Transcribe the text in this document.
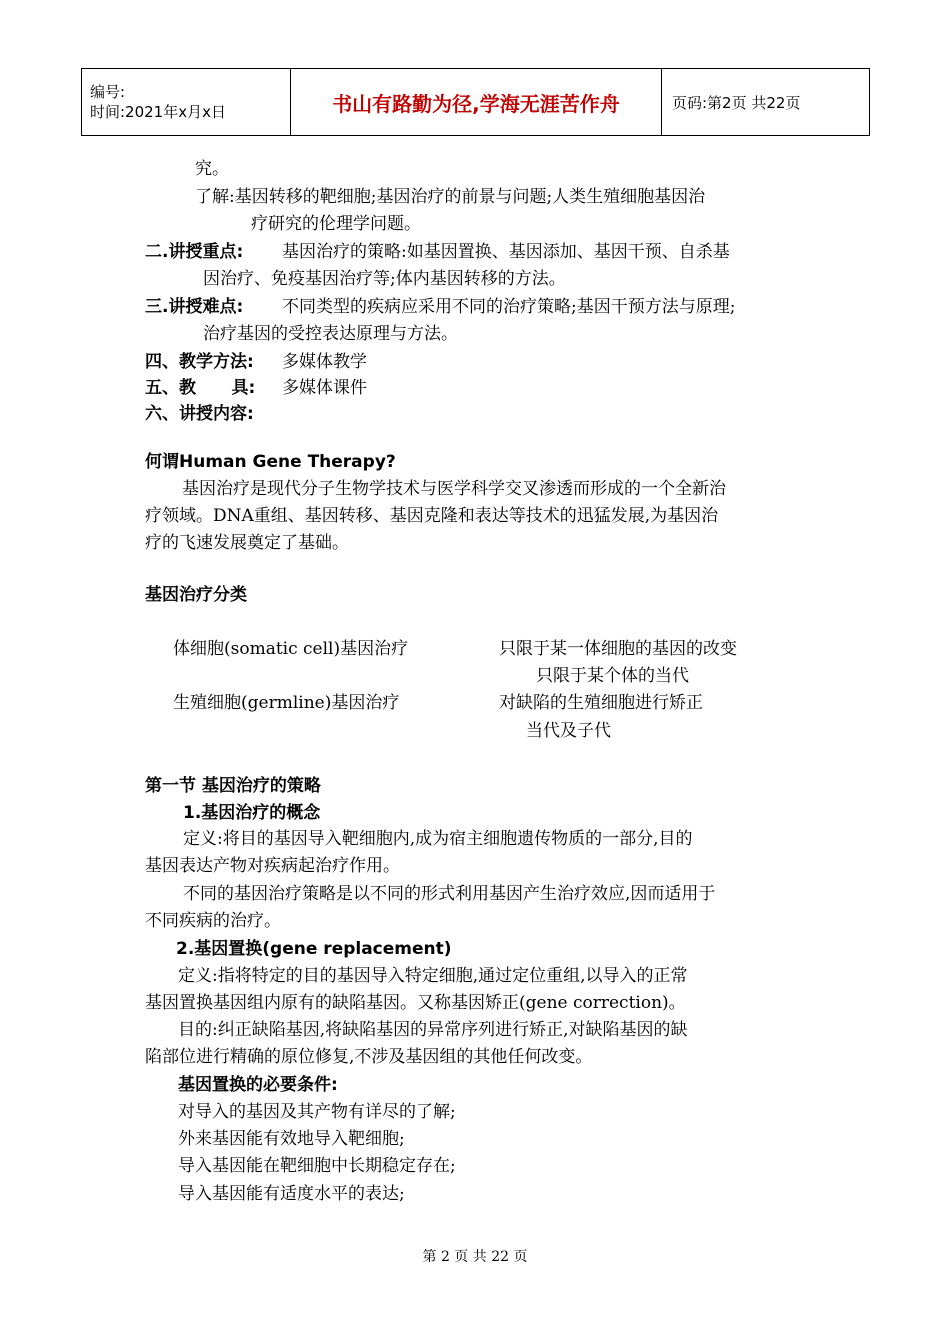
编号:
时间:2021年x月x日	书山有路勤为径,学海无涯苦作舟	页码:第2页 共22页
究。
了解:基因转移的靶细胞;基因治疗的前景与问题;人类生殖细胞基因治
疗研究的伦理学问题。
二.讲授重点: 基因治疗的策略:如基因置换、基因添加、基因干预、自杀基
因治疗、免疫基因治疗等;体内基因转移的方法。
三.讲授难点: 不同类型的疾病应采用不同的治疗策略;基因干预方法与原理;
治疗基因的受控表达原理与方法。
四、教学方法: 多媒体教学
五、教      具: 多媒体课件
六、讲授内容:
何谓Human Gene Therapy?
基因治疗是现代分子生物学技术与医学科学交叉渗透而形成的一个全新治
疗领域。DNA重组、基因转移、基因克隆和表达等技术的迅猛发展,为基因治
疗的飞速发展奠定了基础。
基因治疗分类
体细胞(somatic cell)基因治疗	只限于某一体细胞的基因的改变
只限于某个体的当代
生殖细胞(germline)基因治疗	对缺陷的生殖细胞进行矫正
当代及子代
第一节 基因治疗的策略
1.基因治疗的概念
定义:将目的基因导入靶细胞内,成为宿主细胞遗传物质的一部分,目的
基因表达产物对疾病起治疗作用。
不同的基因治疗策略是以不同的形式利用基因产生治疗效应,因而适用于
不同疾病的治疗。
2.基因置换(gene replacement)
定义:指将特定的目的基因导入特定细胞,通过定位重组,以导入的正常
基因置换基因组内原有的缺陷基因。又称基因矫正(gene correction)。
目的:纠正缺陷基因,将缺陷基因的异常序列进行矫正,对缺陷基因的缺
陷部位进行精确的原位修复,不涉及基因组的其他任何改变。
基因置换的必要条件:
对导入的基因及其产物有详尽的了解;
外来基因能有效地导入靶细胞;
导入基因能在靶细胞中长期稳定存在;
导入基因能有适度水平的表达;
第 2 页 共 22 页
